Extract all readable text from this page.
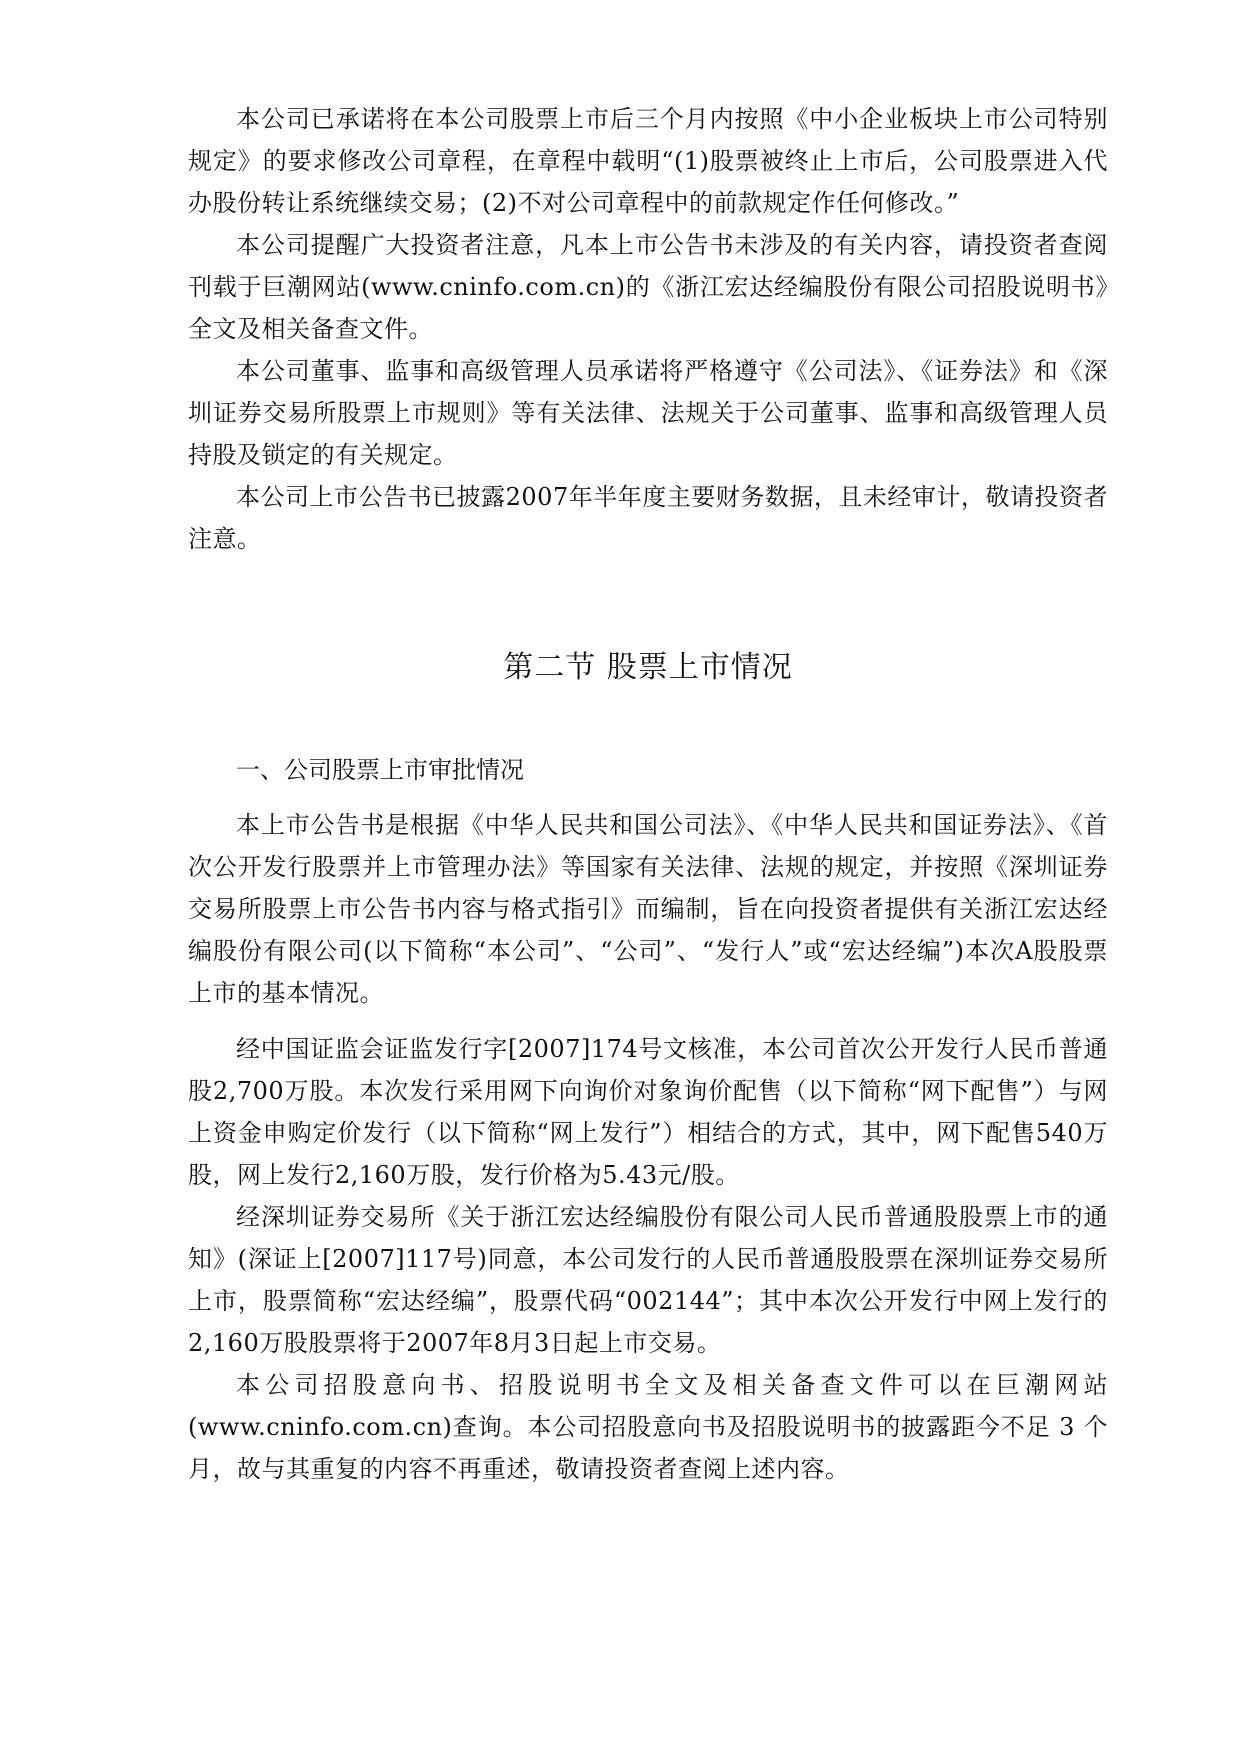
本公司已承诺将在本公司股票上市后三个月内按照《中小企业板块上市公司特别规定》的要求修改公司章程，在章程中载明“(1)股票被终止上市后，公司股票进入代办股份转让系统继续交易；(2)不对公司章程中的前款规定作任何修改。”

本公司提醒广大投资者注意，凡本上市公告书未涉及的有关内容，请投资者查阅刊载于巨潮网站(www.cninfo.com.cn)的《浙江宏达经编股份有限公司招股说明书》全文及相关备查文件。

本公司董事、监事和高级管理人员承诺将严格遵守《公司法》、《证券法》和《深圳证券交易所股票上市规则》等有关法律、法规关于公司董事、监事和高级管理人员持股及锁定的有关规定。

本公司上市公告书已披露2007年半年度主要财务数据，且未经审计，敬请投资者注意。

第二节 股票上市情况
一、公司股票上市审批情况

本上市公告书是根据《中华人民共和国公司法》、《中华人民共和国证券法》、《首次公开发行股票并上市管理办法》等国家有关法律、法规的规定，并按照《深圳证券交易所股票上市公告书内容与格式指引》而编制，旨在向投资者提供有关浙江宏达经编股份有限公司(以下简称“本公司”、“公司”、“发行人”或“宏达经编”)本次A股股票上市的基本情况。

经中国证监会证监发行字[2007]174号文核准，本公司首次公开发行人民币普通股2,700万股。本次发行采用网下向询价对象询价配售（以下简称“网下配售”）与网上资金申购定价发行（以下简称“网上发行”）相结合的方式，其中，网下配售540万股，网上发行2,160万股，发行价格为5.43元/股。

经深圳证券交易所《关于浙江宏达经编股份有限公司人民币普通股股票上市的通知》(深证上[2007]117号)同意，本公司发行的人民币普通股股票在深圳证券交易所上市，股票简称“宏达经编”，股票代码“002144”；其中本次公开发行中网上发行的2,160万股股票将于2007年8月3日起上市交易。

本公司招股意向书、招股说明书全文及相关备查文件可以在巨潮网站(www.cninfo.com.cn)查询。本公司招股意向书及招股说明书的披露距今不足 3 个月，故与其重复的内容不再重述，敬请投资者查阅上述内容。
